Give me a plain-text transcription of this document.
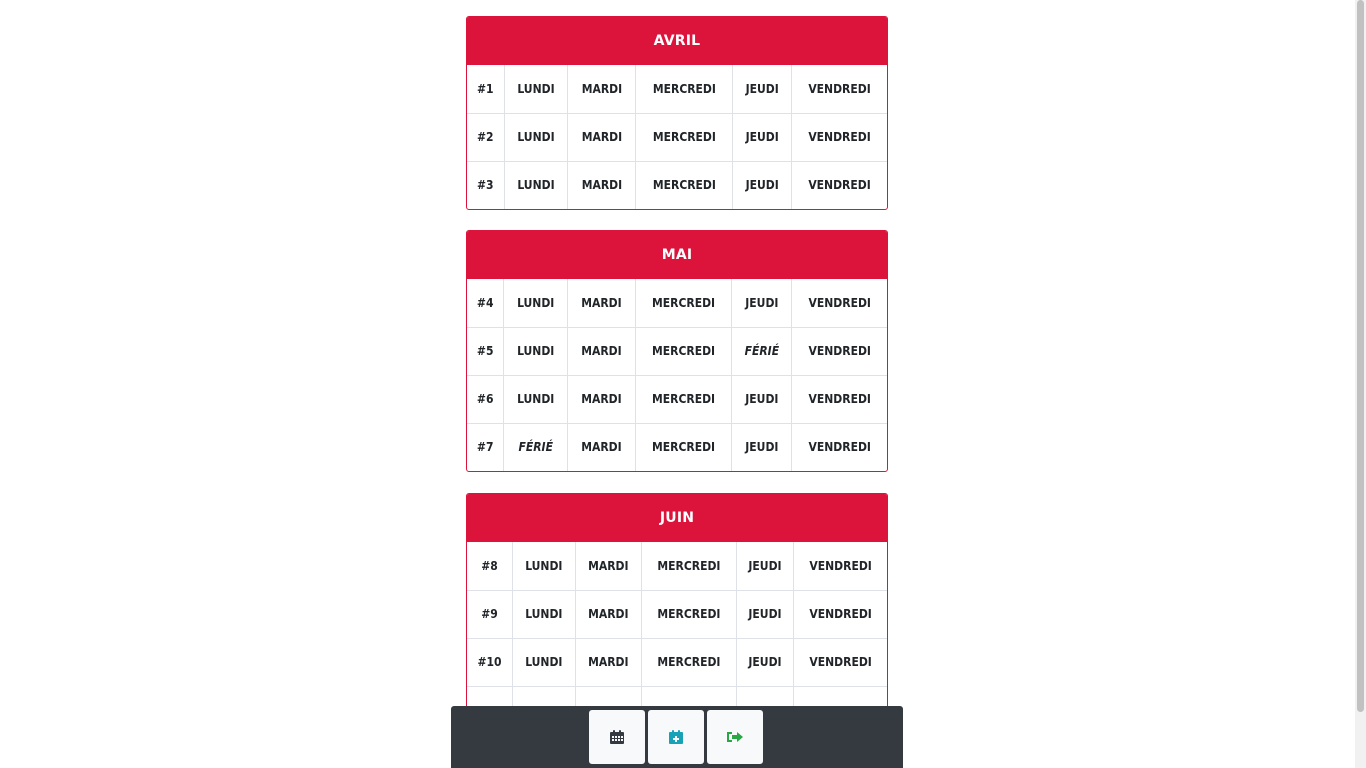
AVRIL
#1	LUNDI	MARDI	MERCREDI	JEUDI	VENDREDI
#2	LUNDI	MARDI	MERCREDI	JEUDI	VENDREDI
#3	LUNDI	MARDI	MERCREDI	JEUDI	VENDREDI
MAI
#4	LUNDI	MARDI	MERCREDI	JEUDI	VENDREDI
#5	LUNDI	MARDI	MERCREDI	FÉRIÉ	VENDREDI
#6	LUNDI	MARDI	MERCREDI	JEUDI	VENDREDI
#7	FÉRIÉ	MARDI	MERCREDI	JEUDI	VENDREDI
JUIN
#8	LUNDI	MARDI	MERCREDI	JEUDI	VENDREDI
#9	LUNDI	MARDI	MERCREDI	JEUDI	VENDREDI
#10	LUNDI	MARDI	MERCREDI	JEUDI	VENDREDI
